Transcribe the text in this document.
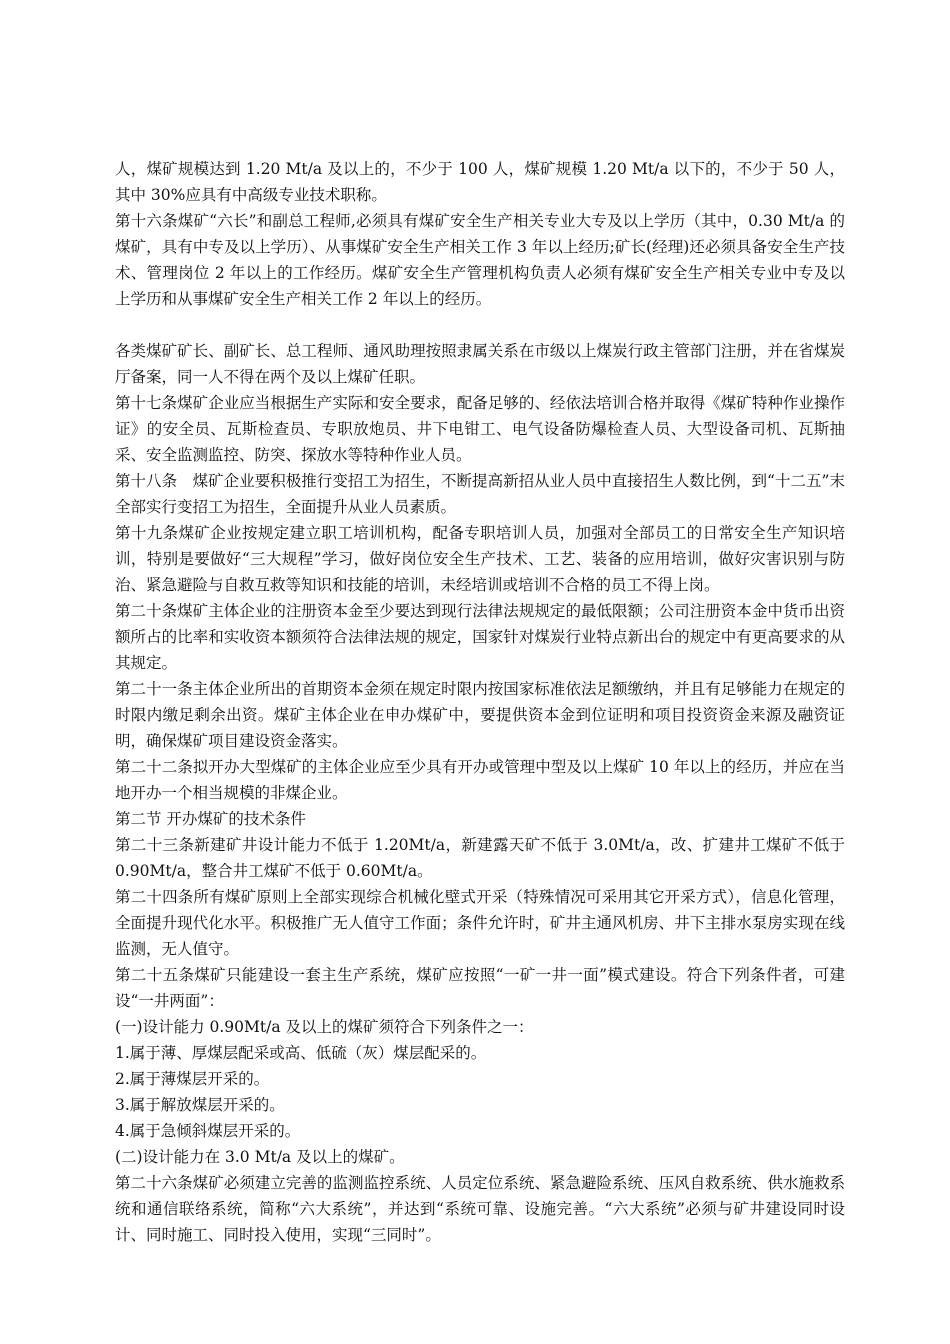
人，煤矿规模达到 1.20 Mt/a 及以上的，不少于 100 人，煤矿规模 1.20 Mt/a 以下的，不少于 50 人，其中 30%应具有中高级专业技术职称。

第十六条煤矿“六长”和副总工程师,必须具有煤矿安全生产相关专业大专及以上学历（其中，0.30 Mt/a 的煤矿，具有中专及以上学历）、从事煤矿安全生产相关工作 3 年以上经历;矿长(经理)还必须具备安全生产技术、管理岗位 2 年以上的工作经历。煤矿安全生产管理机构负责人必须有煤矿安全生产相关专业中专及以上学历和从事煤矿安全生产相关工作 2 年以上的经历。

各类煤矿矿长、副矿长、总工程师、通风助理按照隶属关系在市级以上煤炭行政主管部门注册，并在省煤炭厅备案，同一人不得在两个及以上煤矿任职。

第十七条煤矿企业应当根据生产实际和安全要求，配备足够的、经依法培训合格并取得《煤矿特种作业操作证》的安全员、瓦斯检查员、专职放炮员、井下电钳工、电气设备防爆检查人员、大型设备司机、瓦斯抽采、安全监测监控、防突、探放水等特种作业人员。

第十八条　煤矿企业要积极推行变招工为招生，不断提高新招从业人员中直接招生人数比例，到“十二五”末全部实行变招工为招生，全面提升从业人员素质。

第十九条煤矿企业按规定建立职工培训机构，配备专职培训人员，加强对全部员工的日常安全生产知识培训，特别是要做好“三大规程”学习，做好岗位安全生产技术、工艺、装备的应用培训，做好灾害识别与防治、紧急避险与自救互救等知识和技能的培训，未经培训或培训不合格的员工不得上岗。

第二十条煤矿主体企业的注册资本金至少要达到现行法律法规规定的最低限额；公司注册资本金中货币出资额所占的比率和实收资本额须符合法律法规的规定，国家针对煤炭行业特点新出台的规定中有更高要求的从其规定。

第二十一条主体企业所出的首期资本金须在规定时限内按国家标准依法足额缴纳，并且有足够能力在规定的时限内缴足剩余出资。煤矿主体企业在申办煤矿中，要提供资本金到位证明和项目投资资金来源及融资证明，确保煤矿项目建设资金落实。

第二十二条拟开办大型煤矿的主体企业应至少具有开办或管理中型及以上煤矿 10 年以上的经历，并应在当地开办一个相当规模的非煤企业。

第二节 开办煤矿的技术条件

第二十三条新建矿井设计能力不低于 1.20Mt/a，新建露天矿不低于 3.0Mt/a，改、扩建井工煤矿不低于 0.90Mt/a，整合井工煤矿不低于 0.60Mt/a。

第二十四条所有煤矿原则上全部实现综合机械化壁式开采（特殊情况可采用其它开采方式），信息化管理，全面提升现代化水平。积极推广无人值守工作面；条件允许时，矿井主通风机房、井下主排水泵房实现在线监测，无人值守。

第二十五条煤矿只能建设一套主生产系统，煤矿应按照“一矿一井一面”模式建设。符合下列条件者，可建设“一井两面”：

(一)设计能力 0.90Mt/a 及以上的煤矿须符合下列条件之一：

1.属于薄、厚煤层配采或高、低硫（灰）煤层配采的。

2.属于薄煤层开采的。

3.属于解放煤层开采的。

4.属于急倾斜煤层开采的。

(二)设计能力在 3.0 Mt/a 及以上的煤矿。

第二十六条煤矿必须建立完善的监测监控系统、人员定位系统、紧急避险系统、压风自救系统、供水施救系统和通信联络系统，简称“六大系统”，并达到“系统可靠、设施完善。“六大系统”必须与矿井建设同时设计、同时施工、同时投入使用，实现“三同时”。
